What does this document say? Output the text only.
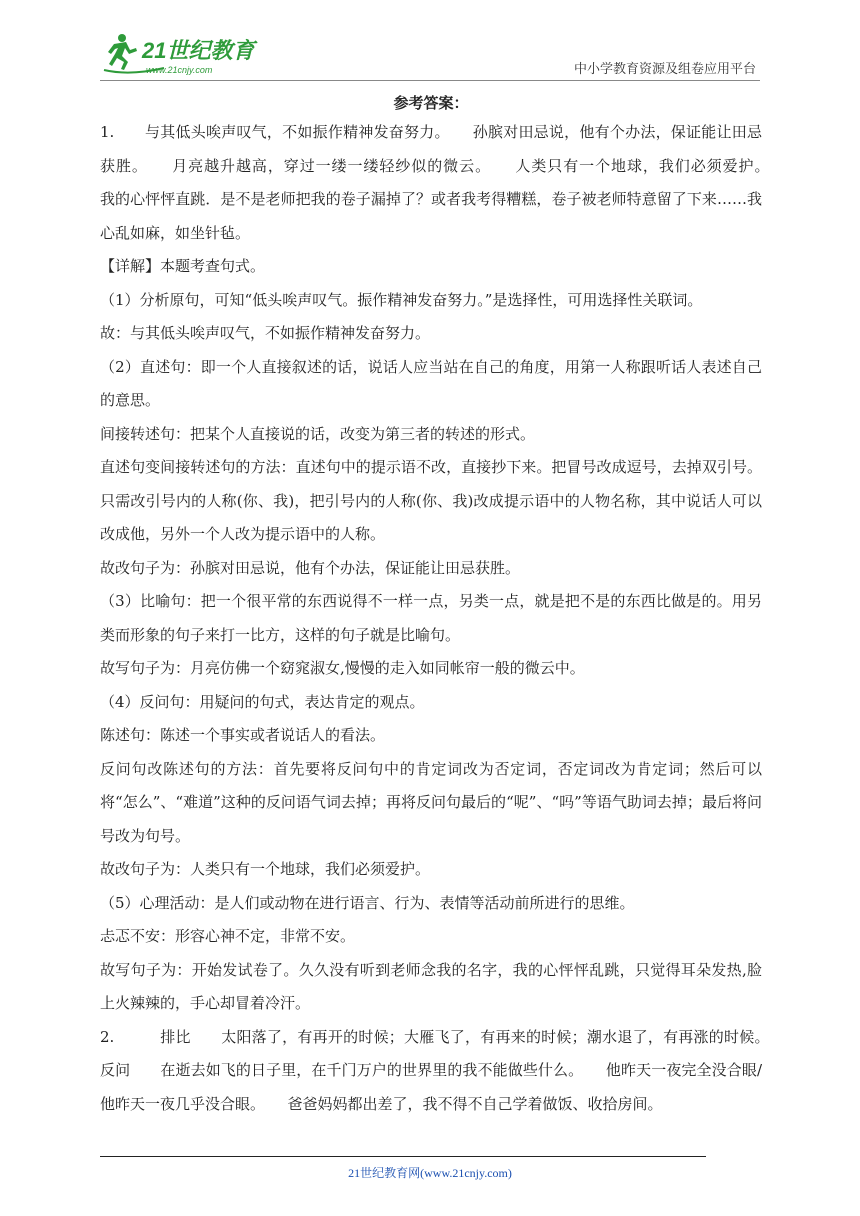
21世纪教育
www.21cnjy.com	中小学教育资源及组卷应用平台
参考答案：

1.　　与其低头唉声叹气，不如振作精神发奋努力。　　孙膑对田忌说，他有个办法，保证能让田忌获胜。　　月亮越升越高，穿过一缕一缕轻纱似的微云。　　人类只有一个地球，我们必须爱护。　　我的心怦怦直跳．是不是老师把我的卷子漏掉了？或者我考得糟糕，卷子被老师特意留了下来……我心乱如麻，如坐针毡。

【详解】本题考查句式。

（1）分析原句，可知“低头唉声叹气。振作精神发奋努力。”是选择性，可用选择性关联词。

故：与其低头唉声叹气，不如振作精神发奋努力。

（2）直述句：即一个人直接叙述的话，说话人应当站在自己的角度，用第一人称跟听话人表述自己的意思。

间接转述句：把某个人直接说的话，改变为第三者的转述的形式。

直述句变间接转述句的方法：直述句中的提示语不改，直接抄下来。把冒号改成逗号，去掉双引号。只需改引号内的人称(你、我)，把引号内的人称(你、我)改成提示语中的人物名称，其中说话人可以改成他，另外一个人改为提示语中的人称。

故改句子为：孙膑对田忌说，他有个办法，保证能让田忌获胜。

（3）比喻句：把一个很平常的东西说得不一样一点，另类一点，就是把不是的东西比做是的。用另类而形象的句子来打一比方，这样的句子就是比喻句。

故写句子为：月亮仿佛一个窈窕淑女,慢慢的走入如同帐帘一般的微云中。

（4）反问句：用疑问的句式，表达肯定的观点。

陈述句：陈述一个事实或者说话人的看法。

反问句改陈述句的方法：首先要将反问句中的肯定词改为否定词，否定词改为肯定词；然后可以将“怎么”、“难道”这种的反问语气词去掉；再将反问句最后的“呢”、“吗”等语气助词去掉；最后将问号改为句号。

故改句子为：人类只有一个地球，我们必须爱护。

（5）心理活动：是人们或动物在进行语言、行为、表情等活动前所进行的思维。

忐忑不安：形容心神不定，非常不安。

故写句子为：开始发试卷了。久久没有听到老师念我的名字，我的心怦怦乱跳，只觉得耳朵发热,脸上火辣辣的，手心却冒着冷汗。

2.　　　排比　　太阳落了，有再开的时候；大雁飞了，有再来的时候；潮水退了，有再涨的时候。　　反问　　在逝去如飞的日子里，在千门万户的世界里的我不能做些什么。　　他昨天一夜完全没合眼/他昨天一夜几乎没合眼。　　爸爸妈妈都出差了，我不得不自己学着做饭、收拾房间。

21世纪教育网(www.21cnjy.com)
